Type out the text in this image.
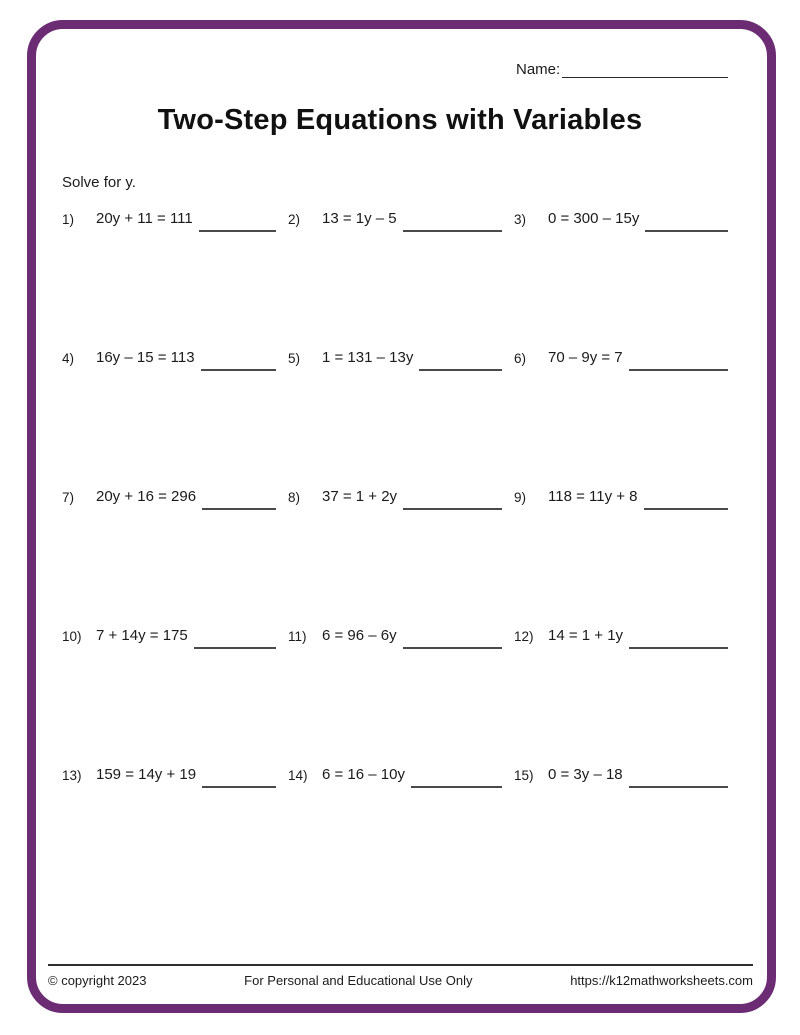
Name:
Two-Step Equations with Variables
Solve for y.
1)	20y + 11 = 111	2)	13 = 1y – 5	3)	0 = 300 – 15y
4)	16y – 15 = 113	5)	1 = 131 – 13y	6)	70 – 9y = 7
7)	20y + 16 = 296	8)	37 = 1 + 2y	9)	118 = 11y + 8
10) 7 + 14y = 175	11)	6 = 96 – 6y	12) 14 = 1 + 1y
13) 159 = 14y + 19	14) 6 = 16 – 10y	15) 0 = 3y – 18
© copyright 2023	For Personal and Educational Use Only	https://k12mathworksheets.com
